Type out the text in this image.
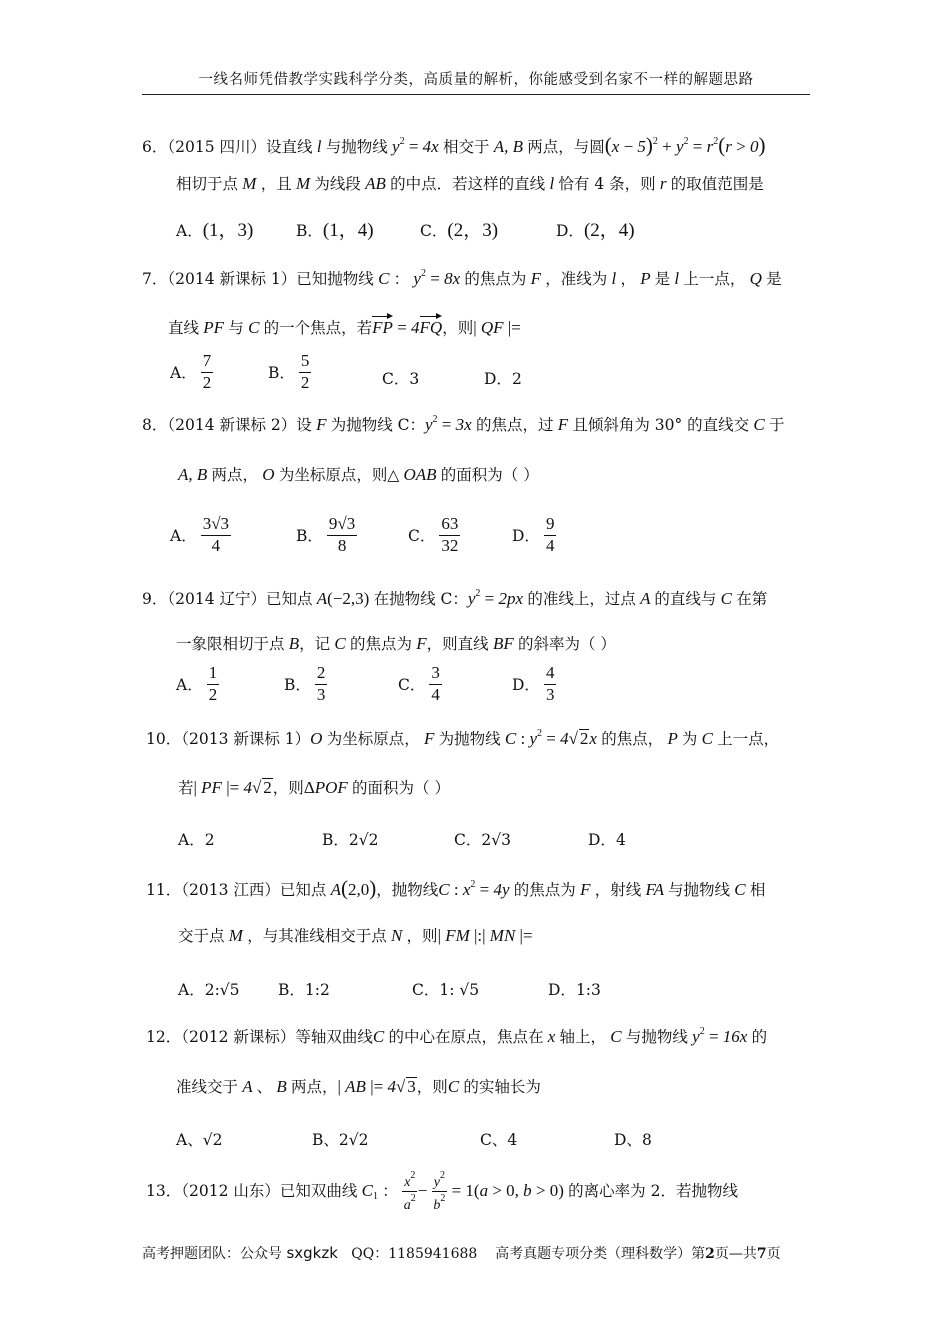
一线名师凭借教学实践科学分类，高质量的解析，你能感受到名家不一样的解题思路
6．（2015 四川）设直线 l 与抛物线 $y^2 = 4x$ 相交于 A, B 两点，与圆$(x - 5)^2 + y^2 = r^2(r > 0)$
相切于点 M ，且 M 为线段 AB 的中点．若这样的直线 l 恰有 4 条，则 r 的取值范围是
A．(1，3)	B．(1，4)	C．(2，3)	D．(2，4)
7．（2014 新课标 1）已知抛物线 C ： $y^2 = 8x$ 的焦点为 F ，准线为 l ， P 是 l 上一点， Q 是
直线 PF 与 C 的一个焦点，若FP = 4FQ，则| QF |=
A． $\frac{7}{2}$	B． $\frac{5}{2}$	C．3	D．2
8．（2014 新课标 2）设 F 为抛物线 C：$y^2 = 3x$ 的焦点，过 F 且倾斜角为 30° 的直线交 C 于
A, B 两点， O 为坐标原点，则△ OAB 的面积为（ ）
A． $\frac{3√3}{4}$	B． $\frac{9√3}{8}$	C． $\frac{63}{32}$	D． $\frac{9}{4}$
9．（2014 辽宁）已知点 A(−2,3) 在抛物线 C：$y^2 = 2px$ 的准线上，过点 A 的直线与 C 在第
一象限相切于点 B，记 C 的焦点为 F，则直线 BF 的斜率为（ ）
A． $\frac{1}{2}$	B． $\frac{2}{3}$	C． $\frac{3}{4}$	D． $\frac{4}{3}$
10．（2013 新课标 1）O 为坐标原点， F 为抛物线 C : $y^2 = 4√$ 2x 的焦点， P 为 C 上一点，
若| PF |= 4√ 2，则ΔPOF 的面积为（ ）
A．2	B．2√2	C．2√3	D．4
11．（2013 江西）已知点 A(2,0)，抛物线C : $x^2 = 4y$ 的焦点为 F ，射线 FA 与抛物线 C 相
交于点 M ，与其准线相交于点 N ，则| FM |:| MN |=
A．2:√5 B．1:2	C．1: √5	D．1:3
12．（2012 新课标）等轴双曲线C 的中心在原点，焦点在 x 轴上， C 与抛物线 $y^2 = 16x$ 的
准线交于 A 、 B 两点，| AB |= 4√ 3，则C 的实轴长为
A、√2	B、2√2	C、4	D、8
13．（2012 山东）已知双曲线 $C_1$ ： $\frac{x^2}{a^2} - \frac{y^2}{b^2} = 1(a > 0$, b > 0) 的离心率为 2．若抛物线
高考押题团队：公众号 sxgkzk QQ：1185941688 高考真题专项分类（理科数学）第2页—共7页
